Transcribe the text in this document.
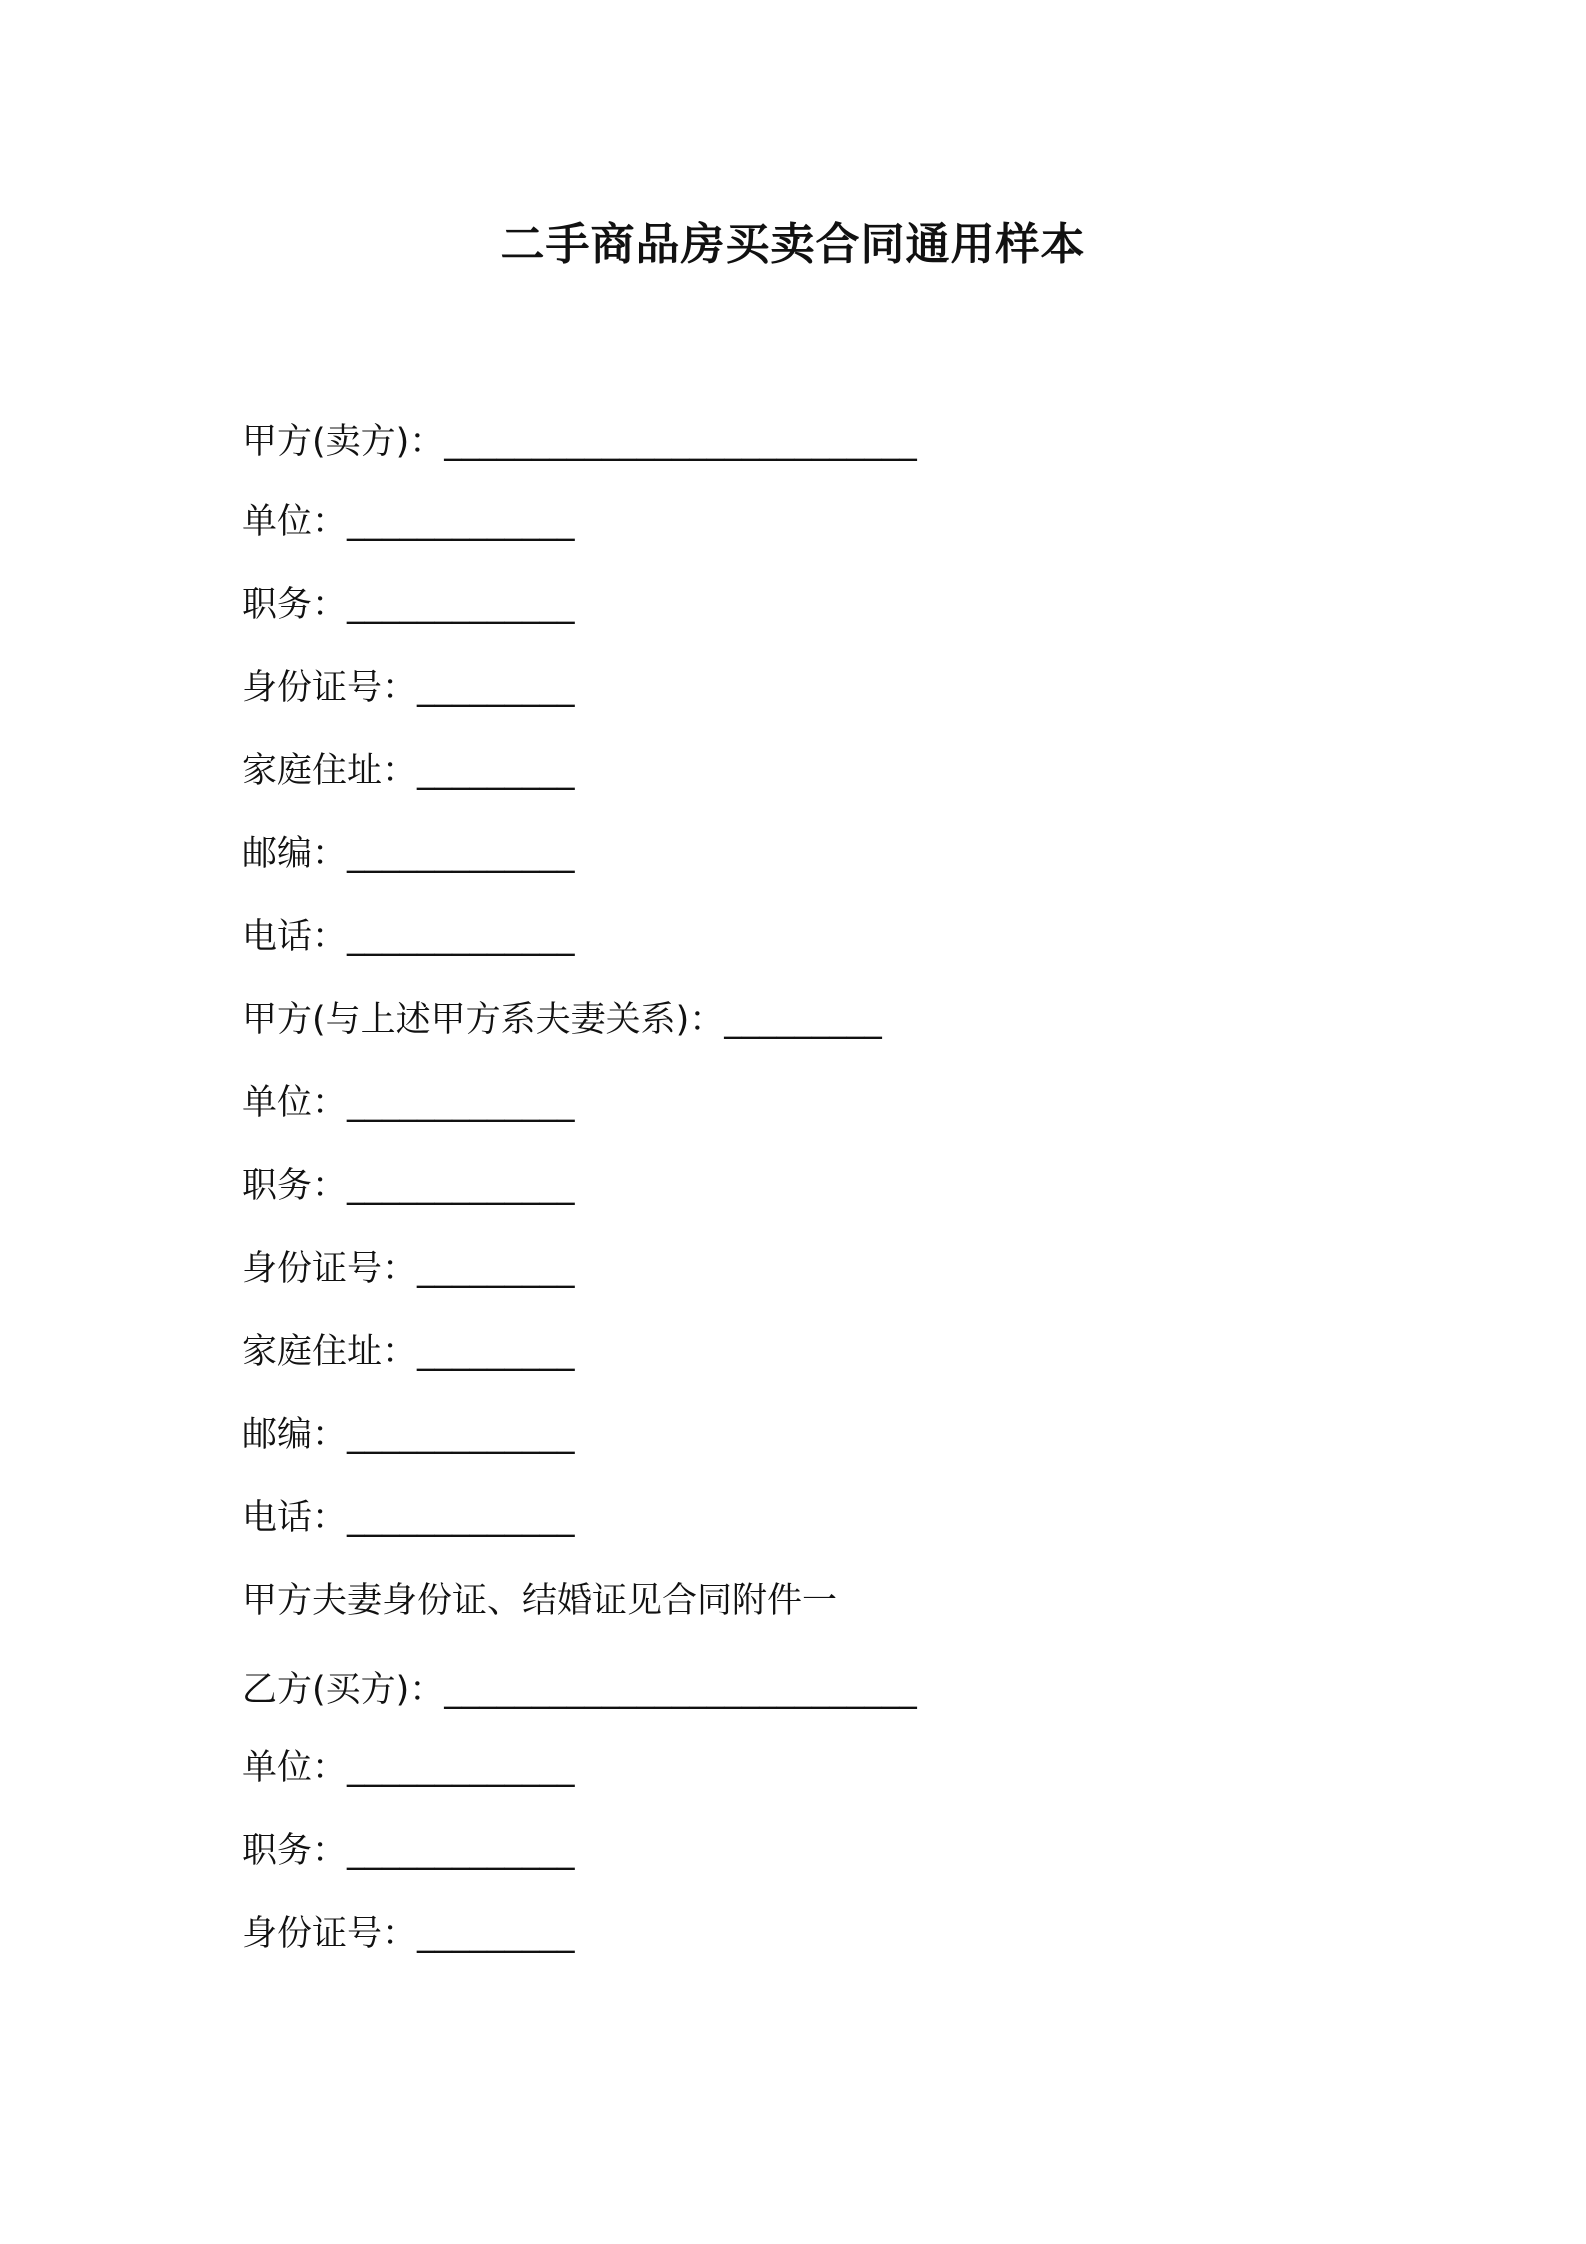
二手商品房买卖合同通用样本
甲方(卖方)：___________________________
单位：_____________
职务：_____________
身份证号：_________
家庭住址：_________
邮编：_____________
电话：_____________
甲方(与上述甲方系夫妻关系)：_________
单位：_____________
职务：_____________
身份证号：_________
家庭住址：_________
邮编：_____________
电话：_____________
甲方夫妻身份证、结婚证见合同附件一
乙方(买方)：___________________________
单位：_____________
职务：_____________
身份证号：_________
